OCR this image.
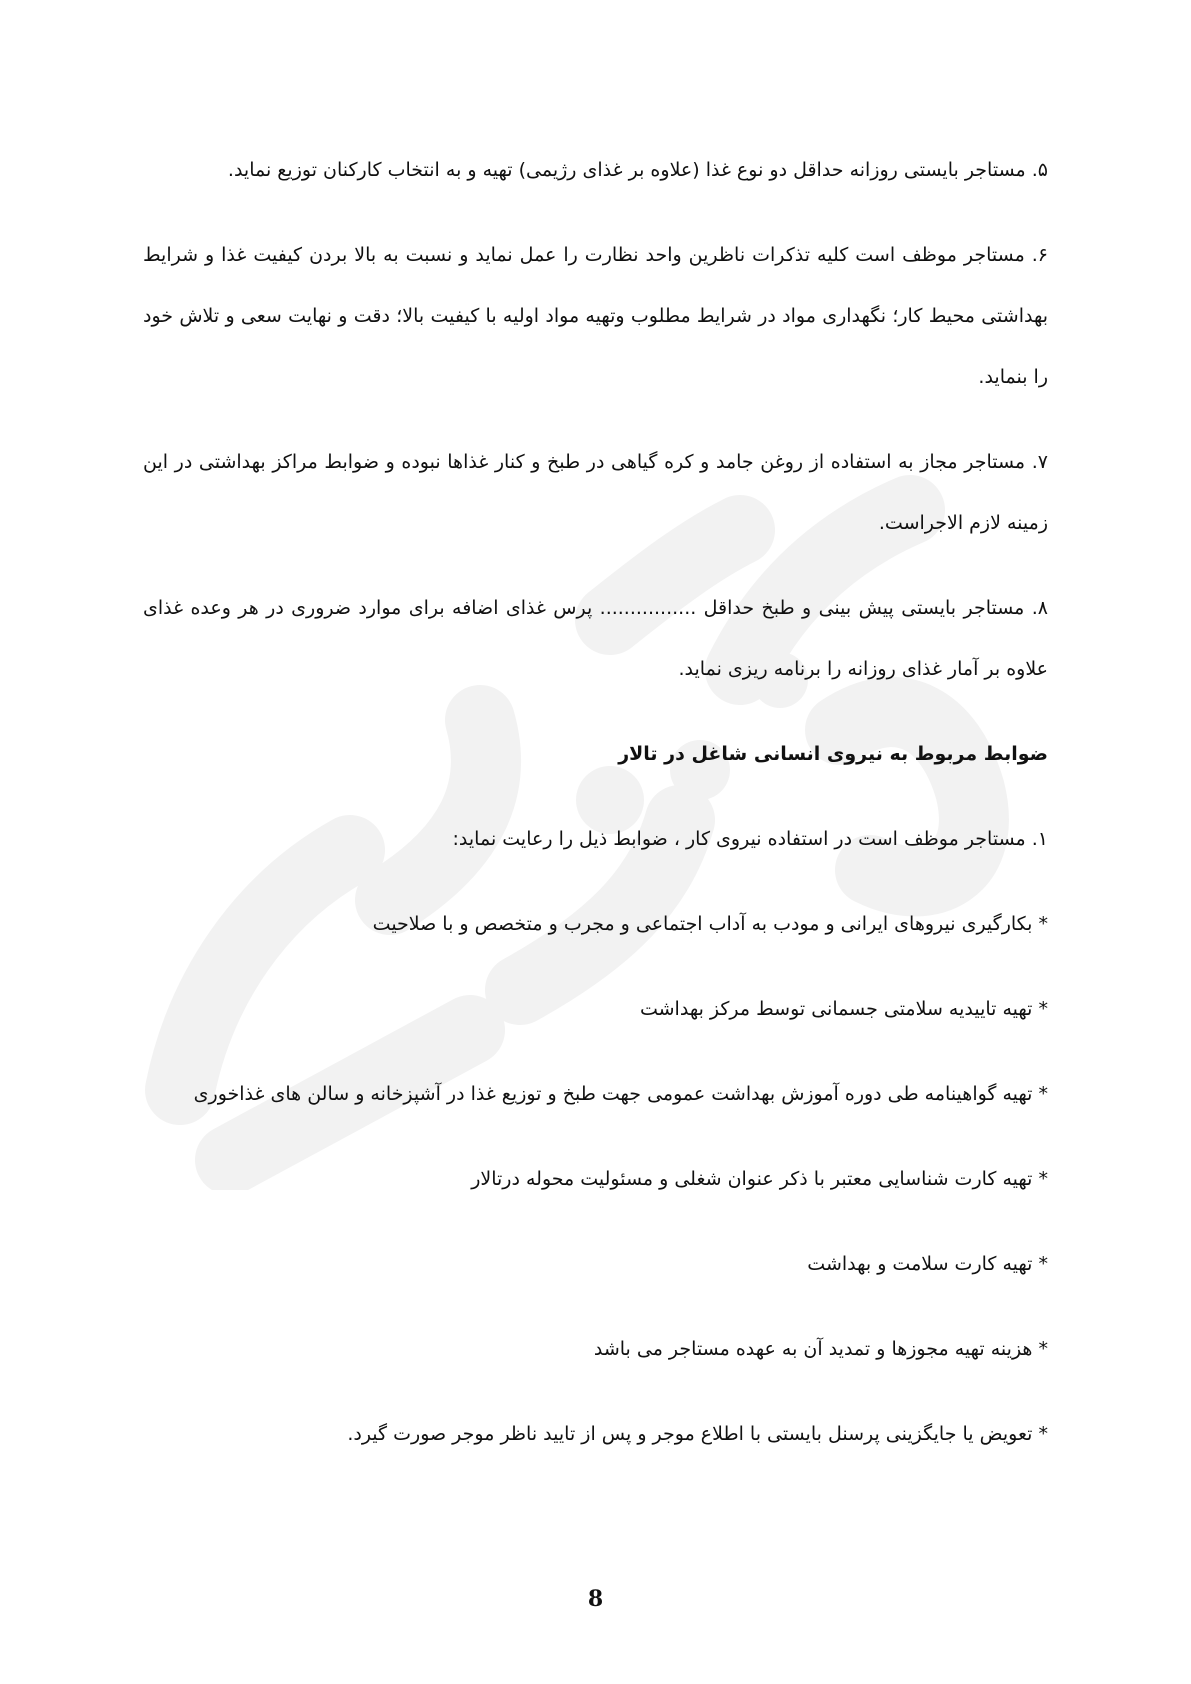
۵. مستاجر بایستی روزانه حداقل دو نوع غذا (علاوه بر غذای رژیمی) تهیه و به انتخاب کارکنان توزیع نماید.

۶. مستاجر موظف است کلیه تذکرات ناظرین واحد نظارت را عمل نماید و نسبت به بالا بردن کیفیت غذا و شرایط بهداشتی محیط کار؛ نگهداری مواد در شرایط مطلوب وتهیه مواد اولیه با کیفیت بالا؛ دقت و نهایت سعی و تلاش خود را بنماید.

۷. مستاجر مجاز به استفاده از روغن جامد و کره گیاهی در طبخ و کنار غذاها نبوده و ضوابط مراکز بهداشتی در این زمینه لازم الاجراست.

۸. مستاجر بایستی پیش بینی و طبخ حداقل ................ پرس غذای اضافه برای موارد ضروری در هر وعده غذای علاوه بر آمار غذای روزانه را برنامه ریزی نماید.

ضوابط مربوط به نیروی انسانی شاغل در تالار

۱. مستاجر موظف است در استفاده نیروی کار ، ضوابط ذیل را رعایت نماید:

* بکارگیری نیروهای ایرانی و مودب به آداب اجتماعی و مجرب و متخصص و با صلاحیت

* تهیه تاییدیه سلامتی جسمانی توسط مرکز بهداشت

* تهیه گواهینامه طی دوره آموزش بهداشت عمومی جهت طبخ و توزیع غذا در آشپزخانه و سالن های غذاخوری

* تهیه کارت شناسایی معتبر با ذکر عنوان شغلی و مسئولیت محوله درتالار

* تهیه کارت سلامت و بهداشت

* هزینه تهیه مجوزها و تمدید آن به عهده مستاجر می باشد

* تعویض یا جایگزینی پرسنل بایستی با اطلاع موجر و پس از تایید ناظر موجر صورت گیرد.

8
